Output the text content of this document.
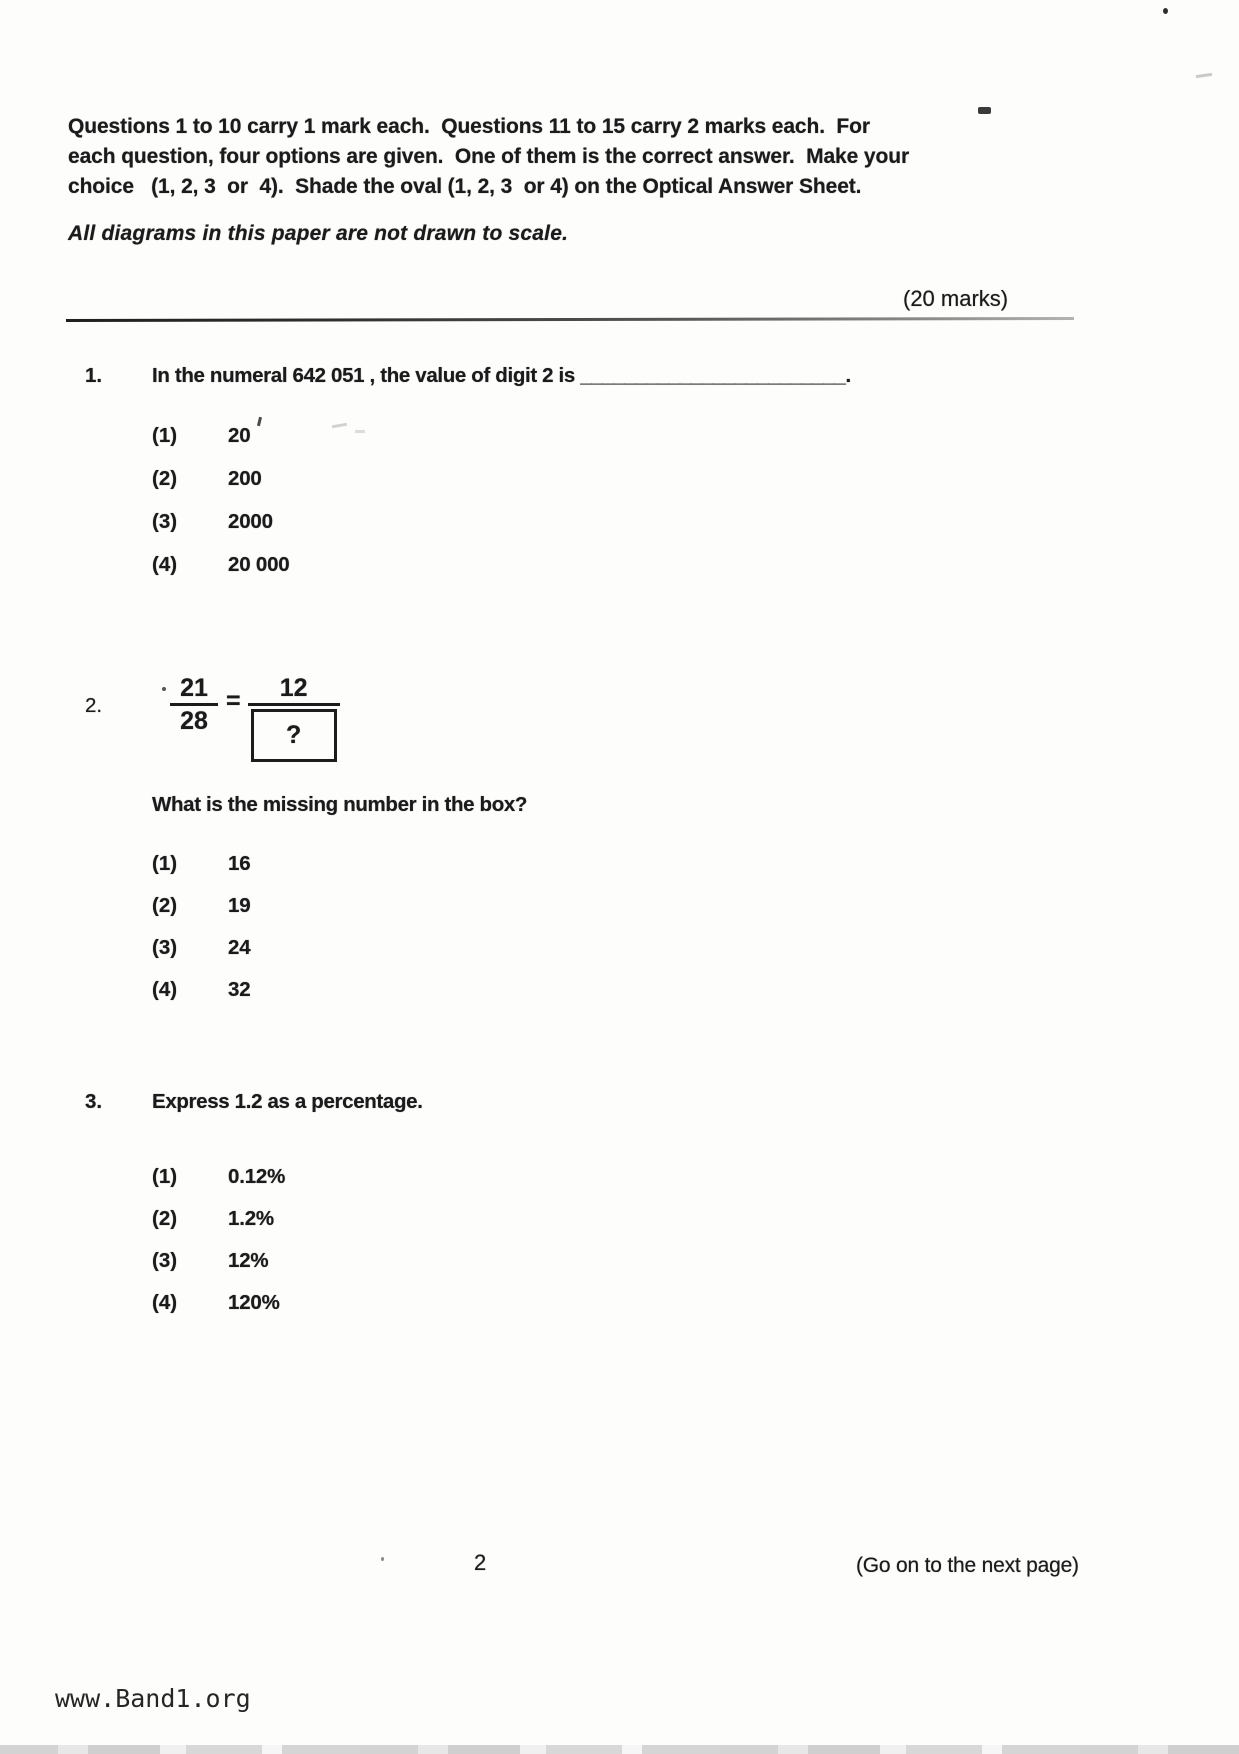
Questions 1 to 10 carry 1 mark each.  Questions 11 to 15 carry 2 marks each.  For
each question, four options are given.  One of them is the correct answer.  Make your
choice   (1, 2, 3  or  4).  Shade the oval (1, 2, 3  or 4) on the Optical Answer Sheet.
All diagrams in this paper are not drawn to scale.
(20 marks)
1. In the numeral 642 051 , the value of digit 2 is ________________________.
(1)	20
(2)	200
(3)	2000
(4)	20 000
2.	$\frac{21}{28} = \frac{12}{?}$
What is the missing number in the box?
(1)	16
(2)	19
(3)	24
(4)	32
3. Express 1.2 as a percentage.
(1)	0.12%
(2)	1.2%
(3)	12%
(4)	120%
2	(Go on to the next page)
www.Band1.org
